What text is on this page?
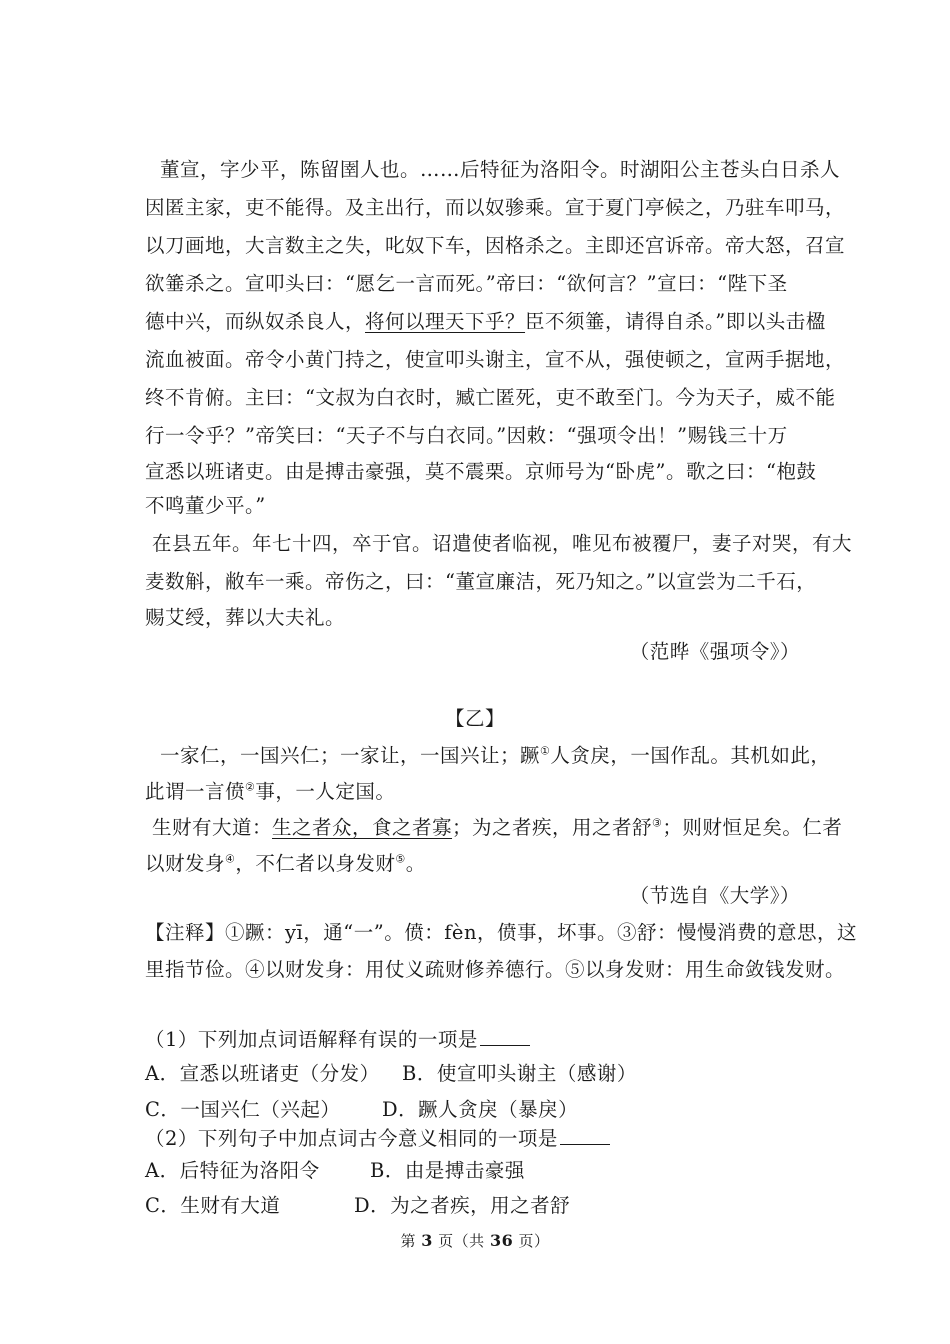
董宣，字少平，陈留圉人也。……后特征为洛阳令。时湖阳公主苍头白日杀人
因匿主家，吏不能得。及主出行，而以奴骖乘。宣于夏门亭候之，乃驻车叩马，
以刀画地，大言数主之失，叱奴下车，因格杀之。主即还宫诉帝。帝大怒，召宣
欲箠杀之。宣叩头曰：“愿乞一言而死。”帝曰：“欲何言？”宣曰：“陛下圣
德中兴，而纵奴杀良人，将何以理天下乎？臣不须箠，请得自杀。”即以头击楹
流血被面。帝令小黄门持之，使宣叩头谢主，宣不从，强使顿之，宣两手据地，
终不肯俯。主曰：“文叔为白衣时，臧亡匿死，吏不敢至门。今为天子，威不能
行一令乎？”帝笑曰：“天子不与白衣同。”因敕：“强项令出！”赐钱三十万
宣悉以班诸吏。由是搏击豪强，莫不震栗。京师号为“卧虎”。歌之曰：“枹鼓
不鸣董少平。”
在县五年。年七十四，卒于官。诏遣使者临视，唯见布被覆尸，妻子对哭，有大
麦数斛，敝车一乘。帝伤之，曰：“董宣廉洁，死乃知之。”以宣尝为二千石，
赐艾绶，葬以大夫礼。
（范晔《强项令》）
【乙】
一家仁，一国兴仁；一家让，一国兴让；蹶①人贪戾，一国作乱。其机如此，
此谓一言偾②事，一人定国。
生财有大道：生之者众，食之者寡；为之者疾，用之者舒③；则财恒足矣。仁者
以财发身④，不仁者以身发财⑤。
（节选自《大学》）
【注释】①蹶：yī，通“一”。偾：fèn，偾事，坏事。③舒：慢慢消费的意思，这
里指节俭。④以财发身：用仗义疏财修养德行。⑤以身发财：用生命敛钱发财。
（1）下列加点词语解释有误的一项是
A．宣悉以班诸吏（分发） B．使宣叩头谢主（感谢）
C．一国兴仁（兴起） D．蹶人贪戾（暴戾）
（2）下列句子中加点词古今意义相同的一项是
A．后特征为洛阳令	B．由是搏击豪强
C．生财有大道	D．为之者疾，用之者舒
第 3 页（共 36 页）
